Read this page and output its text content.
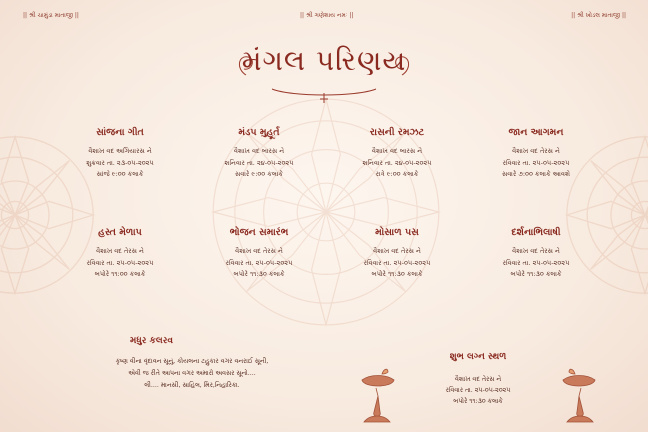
|| શ્રી ચામુંડા માતાજી ||	|| શ્રી ગણેશાય નમઃ ||	|| શ્રી ખોડલ માતાજી ||
મંગલ પરિણય
સાંજના ગીત

વૈશાખ વદ અગિયારસ ને
શુક્રવાર તા. ૨૩-૦૫-૨૦૨૫
સાંજે ૯:૦૦ કલાકે

મંડપ મુહૂર્ત

વૈશાખ વદ બારસ ને
શનિવાર તા. ૨૪-૦૫-૨૦૨૫
સવારે ૯:૦૦ કલાકે

રાસની રમઝટ

વૈશાખ વદ બારસ ને
શનિવાર તા. ૨૪-૦૫-૨૦૨૫
રાત્રે ૯:૦૦ કલાકે

જાન આગમન

વૈશાખ વદ તેરસ ને
રવિવાર તા. ૨૫-૦૫-૨૦૨૫
સવારે ૭:૦૦ કલાકે આવશે

હસ્ત મેળાપ

વૈશાખ વદ તેરસ ને
રવિવાર તા. ૨૫-૦૫-૨૦૨૫
બપોરે ૧૧:૦૦ કલાકે

ભોજન સમારંભ

વૈશાખ વદ તેરસ ને
રવિવાર તા. ૨૫-૦૫-૨૦૨૫
બપોરે ૧૧:૩૦ કલાકે

મોસાળ પસ

વૈશાખ વદ તેરસ ને
રવિવાર તા. ૨૫-૦૫-૨૦૨૫
બપોરે ૧૧:૩૦ કલાકે

દર્શનાભિલાષી

વૈશાખ વદ તેરસ ને
રવિવાર તા. ૨૫-૦૫-૨૦૨૫
બપોરે ૧૧:૩૦ કલાકે

મધુર કલરવ

કૃષ્ણ વીના વૃંદાવન સૂનું, કોયલના ટહુકાર વગર વનરાઈ સૂની,
એવી જ રીતે આપના વગર અમારો અવસર સૂનો....
લી.... માનસી, સાહિલ, મિર,નિહારિકા.

શુભ લગ્ન સ્થળ

વૈશાખ વદ તેરસ ને
રવિવાર તા. ૨૫-૦૫-૨૦૨૫
બપોરે ૧૧:૩૦ કલાકે
